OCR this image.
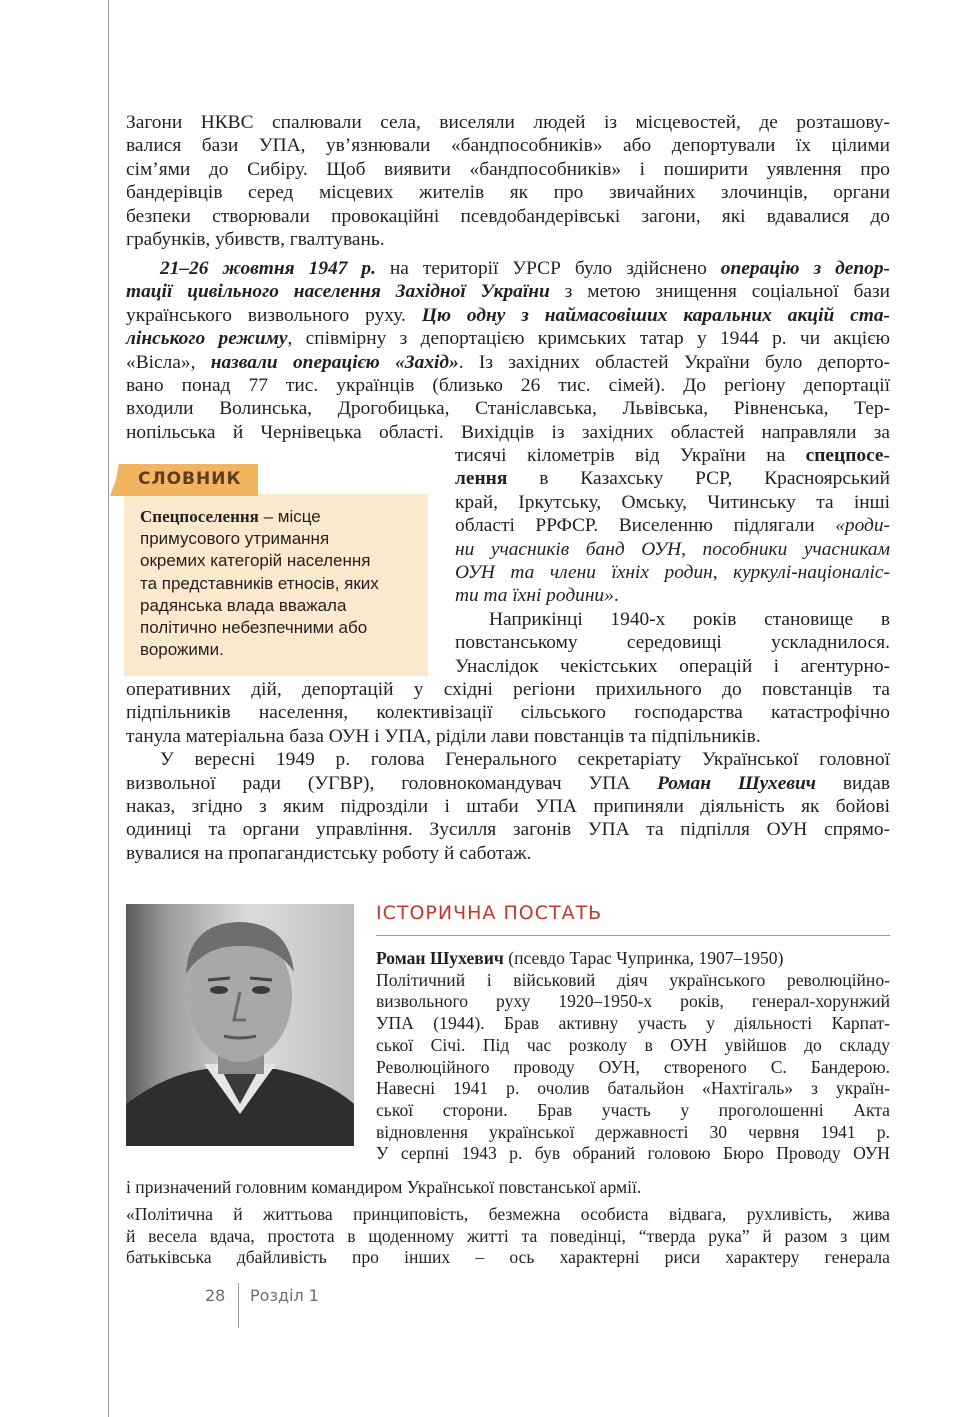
Загони НКВС спалювали села, виселяли людей із місцевостей, де розташову-

валися бази УПА, ув’язнювали «бандпособників» або депортували їх цілими

сім’ями до Сибіру. Щоб виявити «бандпособників» і поширити уявлення про

бандерівців серед місцевих жителів як про звичайних злочинців, органи

безпеки створювали провокаційні псевдобандерівські загони, які вдавалися до

грабунків, убивств, гвалтувань.

21–26 жовтня 1947 р. на території УРСР було здійснено операцію з депор-

тації цивільного населення Західної України з метою знищення соціальної бази

українського визвольного руху. Цю одну з наймасовіших каральних акцій ста-

лінського режиму, співмірну з депортацією кримських татар у 1944 р. чи акцією

«Вісла», назвали операцією «Захід». Із західних областей України було депорто-

вано понад 77 тис. українців (близько 26 тис. сімей). До регіону депортації

входили Волинська, Дрогобицька, Станіславська, Львівська, Рівненська, Тер-

нопільська й Чернівецька області. Вихідців із західних областей направляли за

тисячі кілометрів від України на спецпосе-

лення в Казахську РСР, Красноярський

край, Іркутську, Омську, Читинську та інші

області РРФСР. Виселенню підлягали «роди-

ни учасників банд ОУН, пособники учасникам

ОУН та члени їхніх родин, куркулі-націоналіс-

ти та їхні родини».

Наприкінці 1940-х років становище в

повстанському середовищі ускладнилося.

Унаслідок чекістських операцій і агентурно-

оперативних дій, депортацій у східні регіони прихильного до повстанців та

підпільників населення, колективізації сільського господарства катастрофічно

танула матеріальна база ОУН і УПА, ріділи лави повстанців та підпільників.

У вересні 1949 р. голова Генерального секретаріату Української головної

визвольної ради (УГВР), головнокомандувач УПА Роман Шухевич видав

наказ, згідно з яким підрозділи і штаби УПА припиняли діяльність як бойові

одиниці та органи управління. Зусилля загонів УПА та підпілля ОУН спрямо-

вувалися на пропагандистську роботу й саботаж.

Спецпоселення – місце
примусового утримання
окремих категорій населення
та представників етносів, яких
радянська влада вважала
політично небезпечними або
ворожими.
СЛОВНИК
ІСТОРИЧНА ПОСТАТЬ

Роман Шухевич (псевдо Тарас Чупринка, 1907–1950)

Політичний і військовий діяч українського революційно-

визвольного руху 1920–1950-х років, генерал-хорунжий

УПА (1944). Брав активну участь у діяльності Карпат-

ської Січі. Під час розколу в ОУН увійшов до складу

Революційного проводу ОУН, створеного С. Бандерою.

Навесні 1941 р. очолив батальйон «Нахтігаль» з україн-

ської сторони. Брав участь у проголошенні Акта

відновлення української державності 30 червня 1941 р.

У серпні 1943 р. був обраний головою Бюро Проводу ОУН

і призначений головним командиром Української повстанської армії.

«Політична й життьова принциповість, безмежна особиста відвага, рухливість, жива

й весела вдача, простота в щоденному житті та поведінці, “тверда рука” й разом з цим

батьківська дбайливість про інших – ось характерні риси характеру генерала

28 Розділ 1
